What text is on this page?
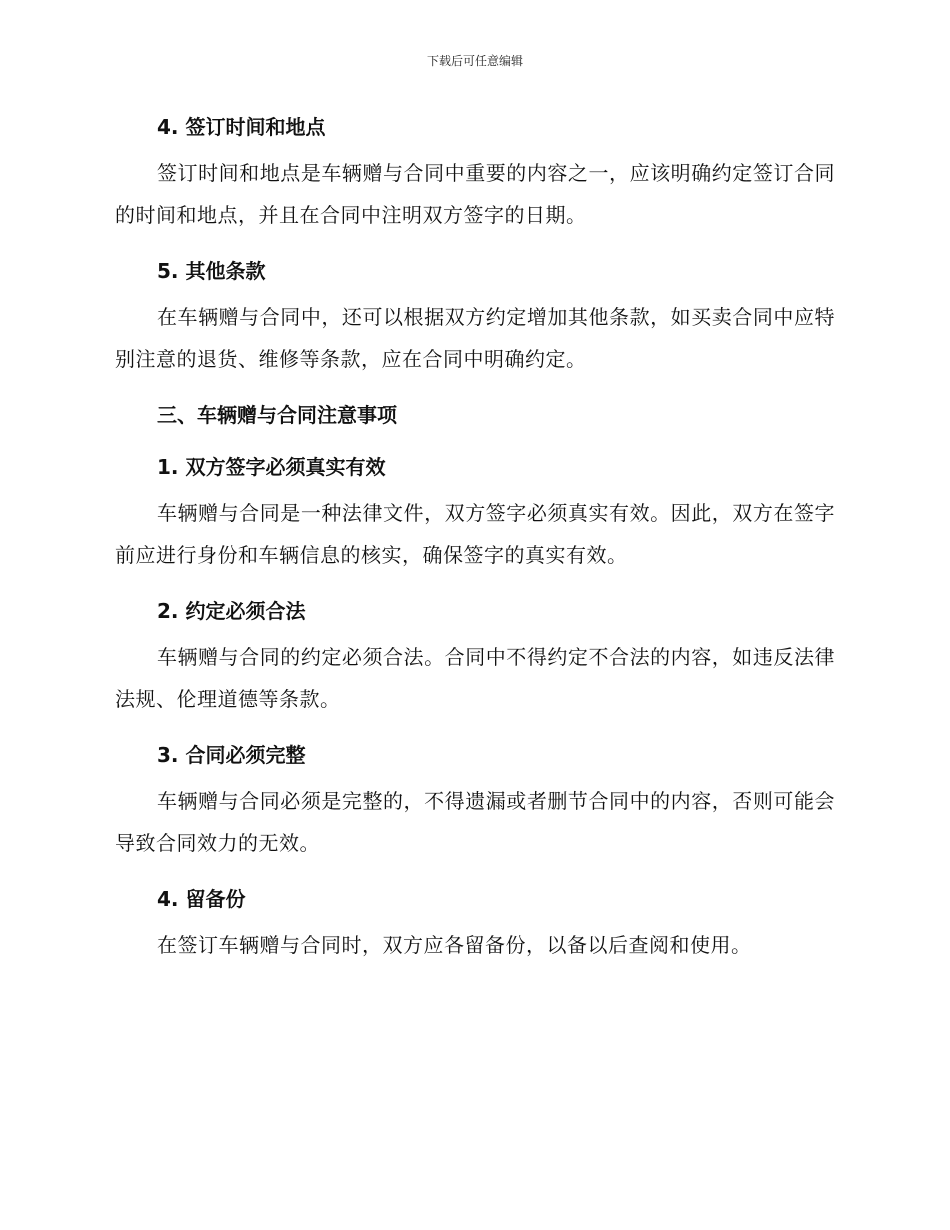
下载后可任意编辑
4. 签订时间和地点

签订时间和地点是车辆赠与合同中重要的内容之一，应该明确约定签订合同的时间和地点，并且在合同中注明双方签字的日期。

5. 其他条款

在车辆赠与合同中，还可以根据双方约定增加其他条款，如买卖合同中应特别注意的退货、维修等条款，应在合同中明确约定。

三、车辆赠与合同注意事项
1. 双方签字必须真实有效

车辆赠与合同是一种法律文件，双方签字必须真实有效。因此，双方在签字前应进行身份和车辆信息的核实，确保签字的真实有效。

2. 约定必须合法

车辆赠与合同的约定必须合法。合同中不得约定不合法的内容，如违反法律法规、伦理道德等条款。

3. 合同必须完整

车辆赠与合同必须是完整的，不得遗漏或者删节合同中的内容，否则可能会导致合同效力的无效。

4. 留备份

在签订车辆赠与合同时，双方应各留备份，以备以后查阅和使用。
